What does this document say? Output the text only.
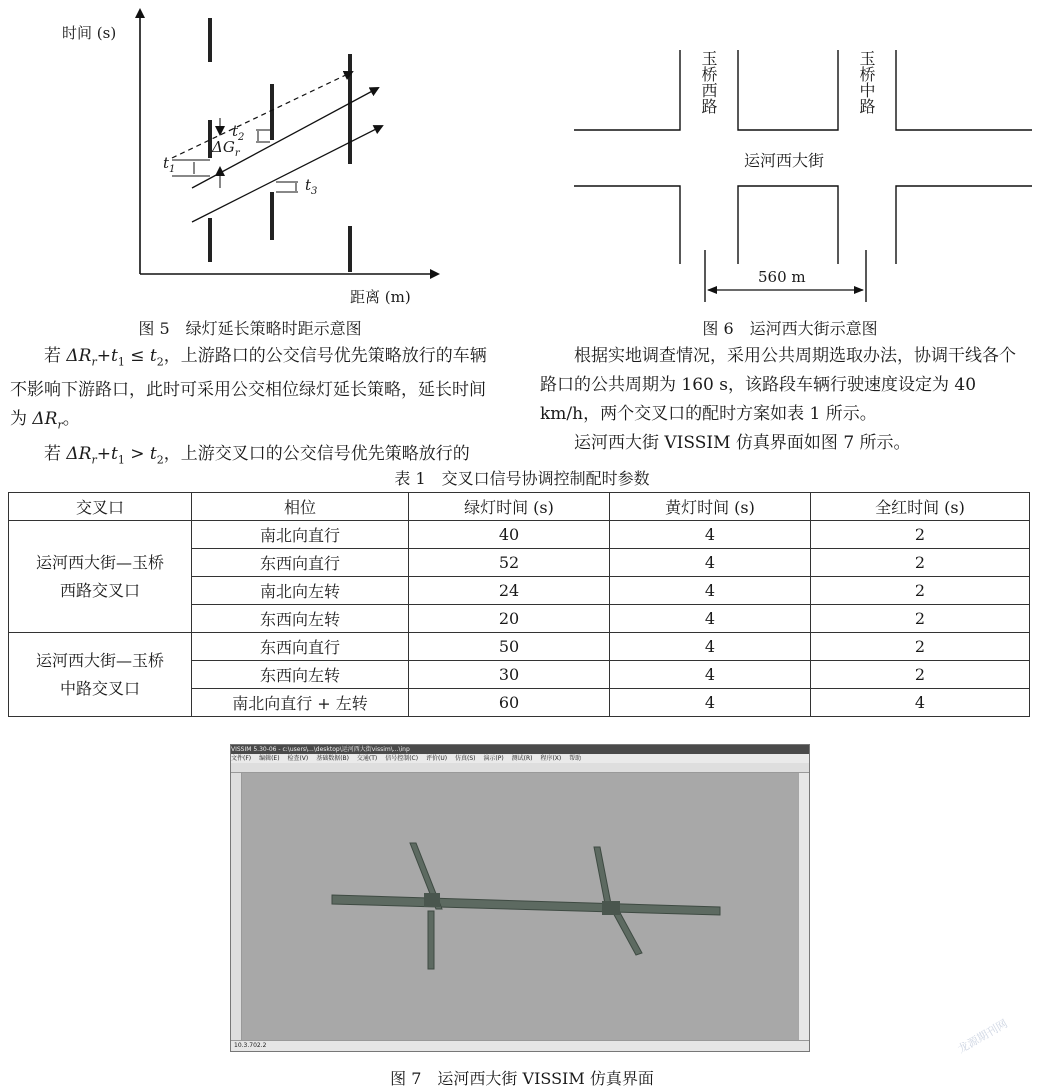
时间 (s)
距离 (m)
$t_1$
$t_2$
$t_3$
$\Delta G_r$
图 5　绿灯延长策略时距示意图
玉桥西路	玉桥中路
运河西大街
560 m
图 6　运河西大街示意图

若 $\Delta R_r+t_1 \le t_2$，上游路口的公交信号优先策略放行的车辆不影响下游路口，此时可采用公交相位绿灯延长策略，延长时间为 $\Delta R_r$。

若 $\Delta R_r+t_1 > t_2$，上游交叉口的公交信号优先策略放行的

根据实地调查情况，采用公共周期选取办法，协调干线各个路口的公共周期为 160 s，该路段车辆行驶速度设定为 40 km/h，两个交叉口的配时方案如表 1 所示。

运河西大街 VISSIM 仿真界面如图 7 所示。

表 1　交叉口信号协调控制配时参数
交叉口	相位	绿灯时间 (s)	黄灯时间 (s)	全红时间 (s)
运河西大街—玉桥
西路交叉口	南北向直行	40	4	2
	东西向直行	52	4	2
	南北向左转	24	4	2
	东西向左转	20	4	2
运河西大街—玉桥
中路交叉口	东西向直行	50	4	2
	东西向左转	30	4	2
	南北向直行 + 左转	60	4	4
VISSIM 5.30-06 - c:\users\...\desktop\运河西大街vissim\...\inp
文件(F) 编辑(E) 检查(V) 基础数据(B) 交通(T) 信号控制(C) 评价(U) 仿真(S) 演示(P) 测试(R) 程序(X) 帮助
10.3.702.2
图 7　运河西大街 VISSIM 仿真界面
龙源期刊网
